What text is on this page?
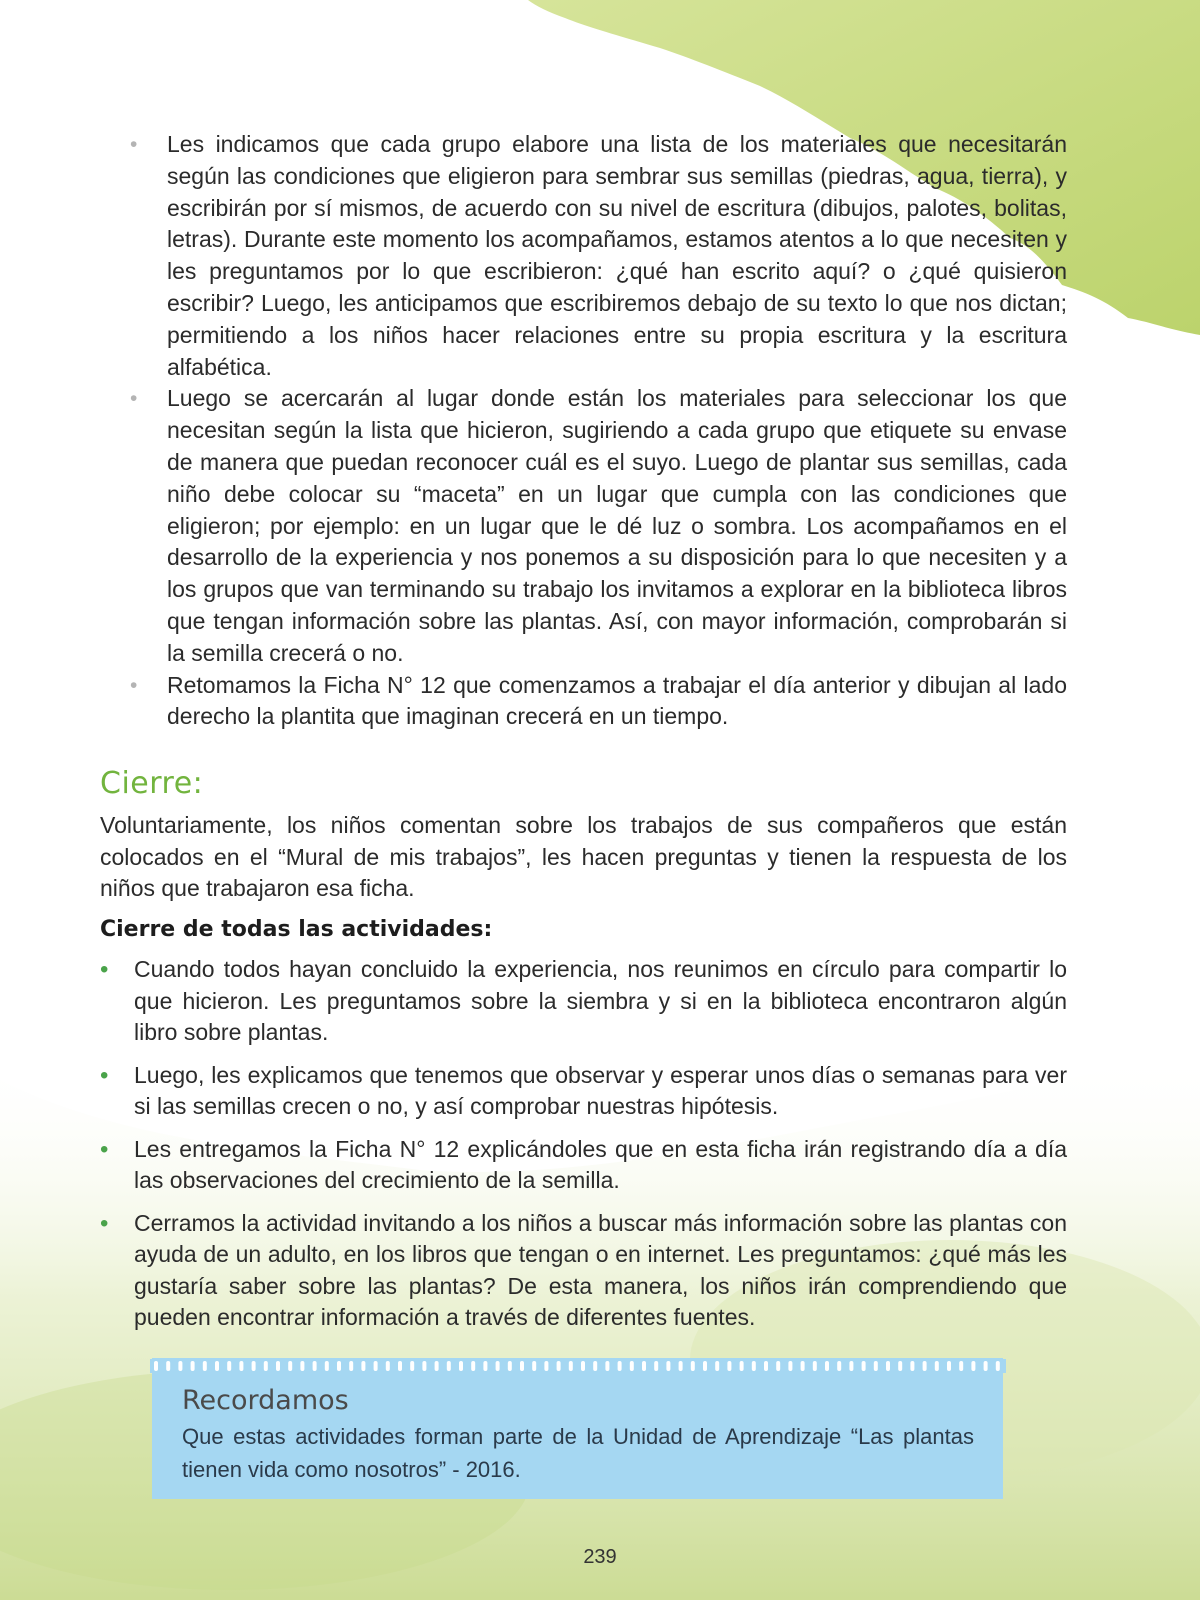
• Les indicamos que cada grupo elabore una lista de los materiales que necesitarán según las condiciones que eligieron para sembrar sus semillas (piedras, agua, tierra), y escribirán por sí mismos, de acuerdo con su nivel de escritura (dibujos, palotes, bolitas, letras). Durante este momento los acompañamos, estamos atentos a lo que necesiten y les preguntamos por lo que escribieron: ¿qué han escrito aquí? o ¿qué quisieron escribir? Luego, les anticipamos que escribiremos debajo de su texto lo que nos dictan; permitiendo a los niños hacer relaciones entre su propia escritura y la escritura alfabética.
• Luego se acercarán al lugar donde están los materiales para seleccionar los que necesitan según la lista que hicieron, sugiriendo a cada grupo que etiquete su envase de manera que puedan reconocer cuál es el suyo. Luego de plantar sus semillas, cada niño debe colocar su “maceta” en un lugar que cumpla con las condiciones que eligieron; por ejemplo: en un lugar que le dé luz o sombra. Los acompañamos en el desarrollo de la experiencia y nos ponemos a su disposición para lo que necesiten y a los grupos que van terminando su trabajo los invitamos a explorar en la biblioteca libros que tengan información sobre las plantas. Así, con mayor información, comprobarán si la semilla crecerá o no.
• Retomamos la Ficha N° 12 que comenzamos a trabajar el día anterior y dibujan al lado derecho la plantita que imaginan crecerá en un tiempo.
Cierre:

Voluntariamente, los niños comentan sobre los trabajos de sus compañeros que están colocados en el “Mural de mis trabajos”, les hacen preguntas y tienen la respuesta de los niños que trabajaron esa ficha.

Cierre de todas las actividades:
• Cuando todos hayan concluido la experiencia, nos reunimos en círculo para compartir lo que hicieron. Les preguntamos sobre la siembra y si en la biblioteca encontraron algún libro sobre plantas.
• Luego, les explicamos que tenemos que observar y esperar unos días o semanas para ver si las semillas crecen o no, y así comprobar nuestras hipótesis.
• Les entregamos la Ficha N° 12 explicándoles que en esta ficha irán registrando día a día las observaciones del crecimiento de la semilla.
• Cerramos la actividad invitando a los niños a buscar más información sobre las plantas con ayuda de un adulto, en los libros que tengan o en internet. Les preguntamos: ¿qué más les gustaría saber sobre las plantas? De esta manera, los niños irán comprendiendo que pueden encontrar información a través de diferentes fuentes.
Recordamos

Que estas actividades forman parte de la Unidad de Aprendizaje “Las plantas tienen vida como nosotros” - 2016.

239
